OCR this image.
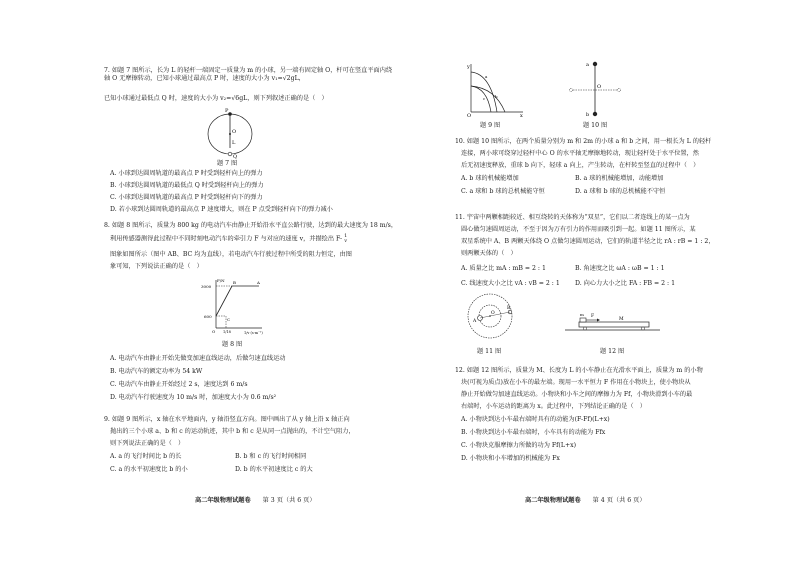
7. 如题 7 图所示，长为 L 的轻杆一端固定一质量为 m 的小球，另一端有固定轴 O，杆可在竖直平面内绕轴 O 无摩擦转动，已知小球通过最高点 P 时，速度的大小为 v₁=√2gL，
已知小球通过最低点 Q 时，速度的大小为 v₂=√6gL，则下列叙述正确的是（　）
P
O
L
Q
题 7 图
A. 小球到达圆周轨道的最高点 P 时受到轻杆向上的弹力
B. 小球到达圆周轨道的最低点 Q 时受到轻杆向上的弹力
C. 小球到达圆周轨道的最高点 P 时受到轻杆向下的弹力
D. 若小球到达圆周轨道的最高点 P 速度增大，则在 P 点受到轻杆向下的弹力减小
8. 如题 8 图所示，质量为 800 kg 的电动汽车由静止开始沿水平直公路行驶，达到的最大速度为 18 m/s，
利用传感器测得此过程中不同时刻电动汽车的牵引力 F 与对应的速度 v，并描绘出 F- 1
v
图象如图所示（图中 AB、BC 均为直线），若电动汽车行驶过程中所受的阻力恒定，由图
象可知，下列说法正确的是（　）
F/N
3000
600
A
B
C
O 1/18	1/v (s·m⁻¹)
题 8 图
A. 电动汽车由静止开始先做变加速直线运动，后做匀速直线运动
B. 电动汽车的额定功率为 54 kW
C. 电动汽车由静止开始经过 2 s，速度达到 6 m/s
D. 电动汽车行驶速度为 10 m/s 时，加速度大小为 0.6 m/s²
9. 如题 9 图所示，x 轴在水平地面内，y 轴沿竖直方向。图中画出了从 y 轴上沿 x 轴正向
抛出的三个小球 a、b 和 c 的运动轨迹，其中 b 和 c 是从同一点抛出的，不计空气阻力，
则下列说法正确的是（　）
A. a 的飞行时间比 b 的长	B. b 和 c 的飞行时间相同
C. a 的水平初速度比 b 的小	D. b 的水平初速度比 c 的大
高二年级物理试题卷 第 3 页（共 6 页）
y
x
O
a
b
c
题 9 图
a
O
b
题 10 图
10. 如题 10 图所示，在两个质量分别为 m 和 2m 的小球 a 和 b 之间，用一根长为 L 的轻杆
连接，两小球可绕穿过轻杆中心 O 的水平轴无摩擦地转动，现让轻杆处于水平位置，然
后无初速度释放，重球 b 向下，轻球 a 向上，产生转动，在杆转至竖直的过程中（　）
A. b 球的机械能增加	B. a 球的机械能增加，动能增加
C. a 球和 b 球的总机械能守恒	D. a 球和 b 球的总机械能不守恒
11. 宇宙中两颗相距较近、相互绕转的天体称为“双星”，它们以二者连线上的某一点为
圆心做匀速圆周运动，不至于因为万有引力的作用而吸引到一起。如题 11 图所示，某
双星系统中 A、B 两颗天体绕 O 点做匀速圆周运动，它们的轨道半径之比 rA : rB = 1 : 2，
则两颗天体的（　）
A. 质量之比 mA : mB = 2 : 1	B. 角速度之比 ωA : ωB = 1 : 1
C. 线速度大小之比 vA : vB = 2 : 1 D. 向心力大小之比 FA : FB = 2 : 1
A
O
B
题 11 图
F
M
m
题 12 图
12. 如题 12 图所示，质量为 M、长度为 L 的小车静止在光滑水平面上，质量为 m 的小物
块(可视为质点)放在小车的最左端。现用一水平恒力 F 作用在小物块上，使小物块从
静止开始做匀加速直线运动。小物块和小车之间的摩擦力为 Ff，小物块滑到小车的最
右端时，小车运动的距离为 x。此过程中，下列结论正确的是（　）
A. 小物块到达小车最右端时具有的动能为(F-Ff)(L+x)
B. 小物块到达小车最右端时，小车具有的动能为 Ffx
C. 小物块克服摩擦力所做的功为 Ff(L+x)
D. 小物块和小车增加的机械能为 Fx
高二年级物理试题卷 第 4 页（共 6 页）
